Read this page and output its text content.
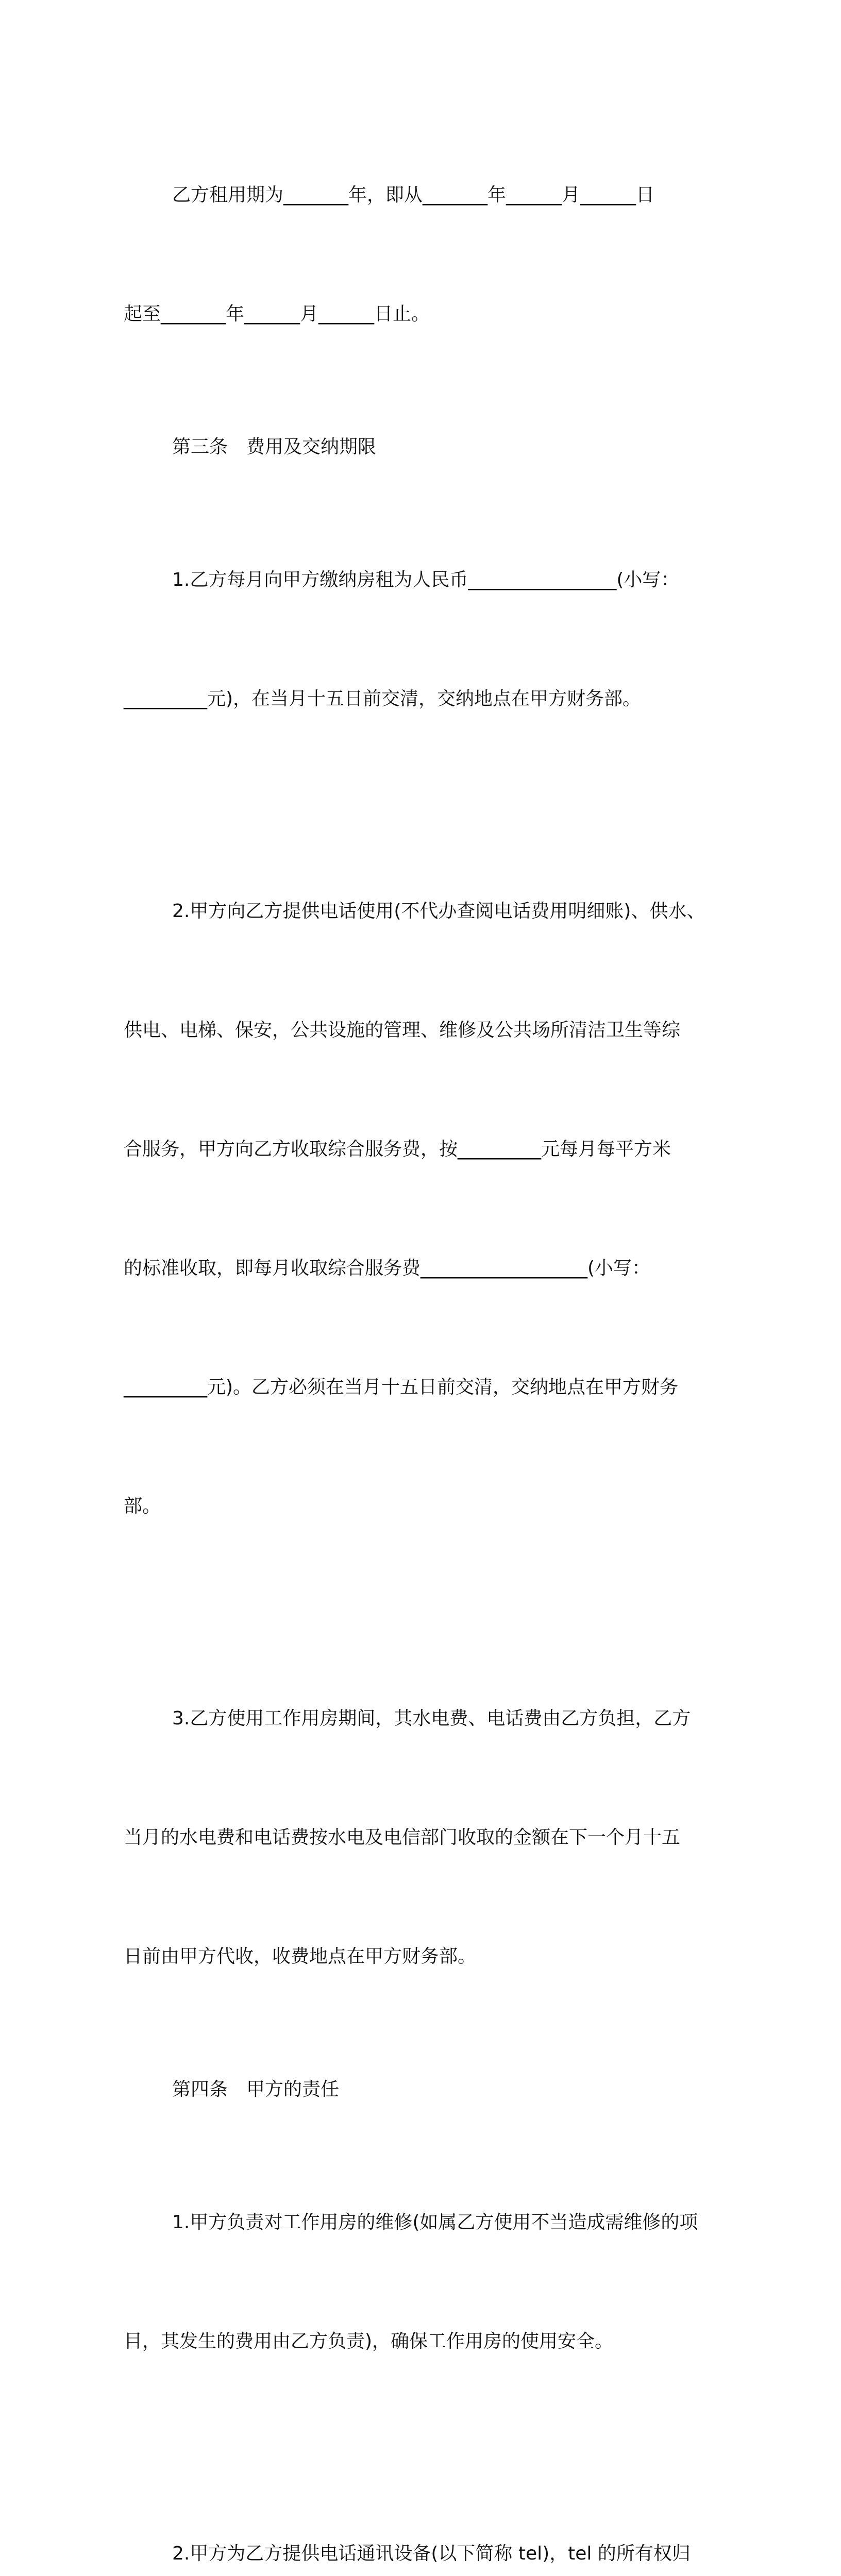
乙方租用期为_______年，即从_______年______月______日

起至_______年______月______日止。

第三条　费用及交纳期限

1.乙方每月向甲方缴纳房租为人民币________________(小写：

_________元)，在当月十五日前交清，交纳地点在甲方财务部。

2.甲方向乙方提供电话使用(不代办查阅电话费用明细账)、供水、

供电、电梯、保安，公共设施的管理、维修及公共场所清洁卫生等综

合服务，甲方向乙方收取综合服务费，按_________元每月每平方米

的标准收取，即每月收取综合服务费__________________(小写：

_________元)。乙方必须在当月十五日前交清，交纳地点在甲方财务

部。

3.乙方使用工作用房期间，其水电费、电话费由乙方负担，乙方

当月的水电费和电话费按水电及电信部门收取的金额在下一个月十五

日前由甲方代收，收费地点在甲方财务部。

第四条　甲方的责任

1.甲方负责对工作用房的维修(如属乙方使用不当造成需维修的项

目，其发生的费用由乙方负责)，确保工作用房的使用安全。

2.甲方为乙方提供电话通讯设备(以下简称 tel)，tel 的所有权归
